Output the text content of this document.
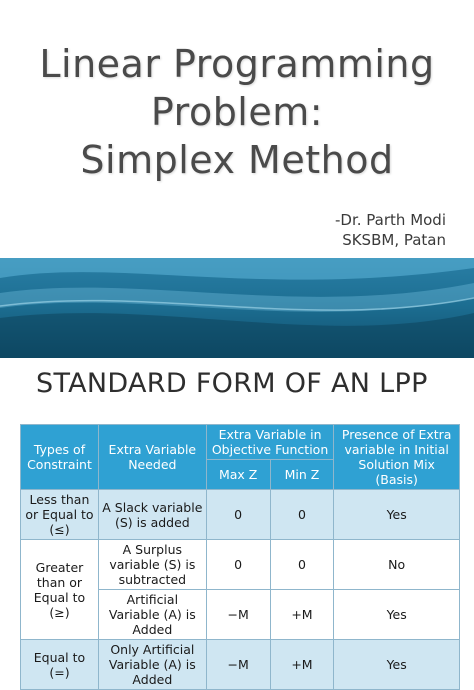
Linear Programming
Problem:
Simplex Method
-Dr. Parth Modi
SKSBM, Patan
STANDARD FORM OF AN LPP
Types of Constraint	Extra Variable Needed	Extra Variable in Objective Function		Presence of Extra variable in Initial Solution Mix (Basis)
		Max Z	Min Z	
Less than or Equal to (≤)	A Slack variable (S) is added	0	0	Yes
Greater than or Equal to (≥)	A Surplus variable (S) is subtracted	0	0	No
	Artificial Variable (A) is Added	−M	+M	Yes
Equal to (=)	Only Artificial Variable (A) is Added	−M	+M	Yes
